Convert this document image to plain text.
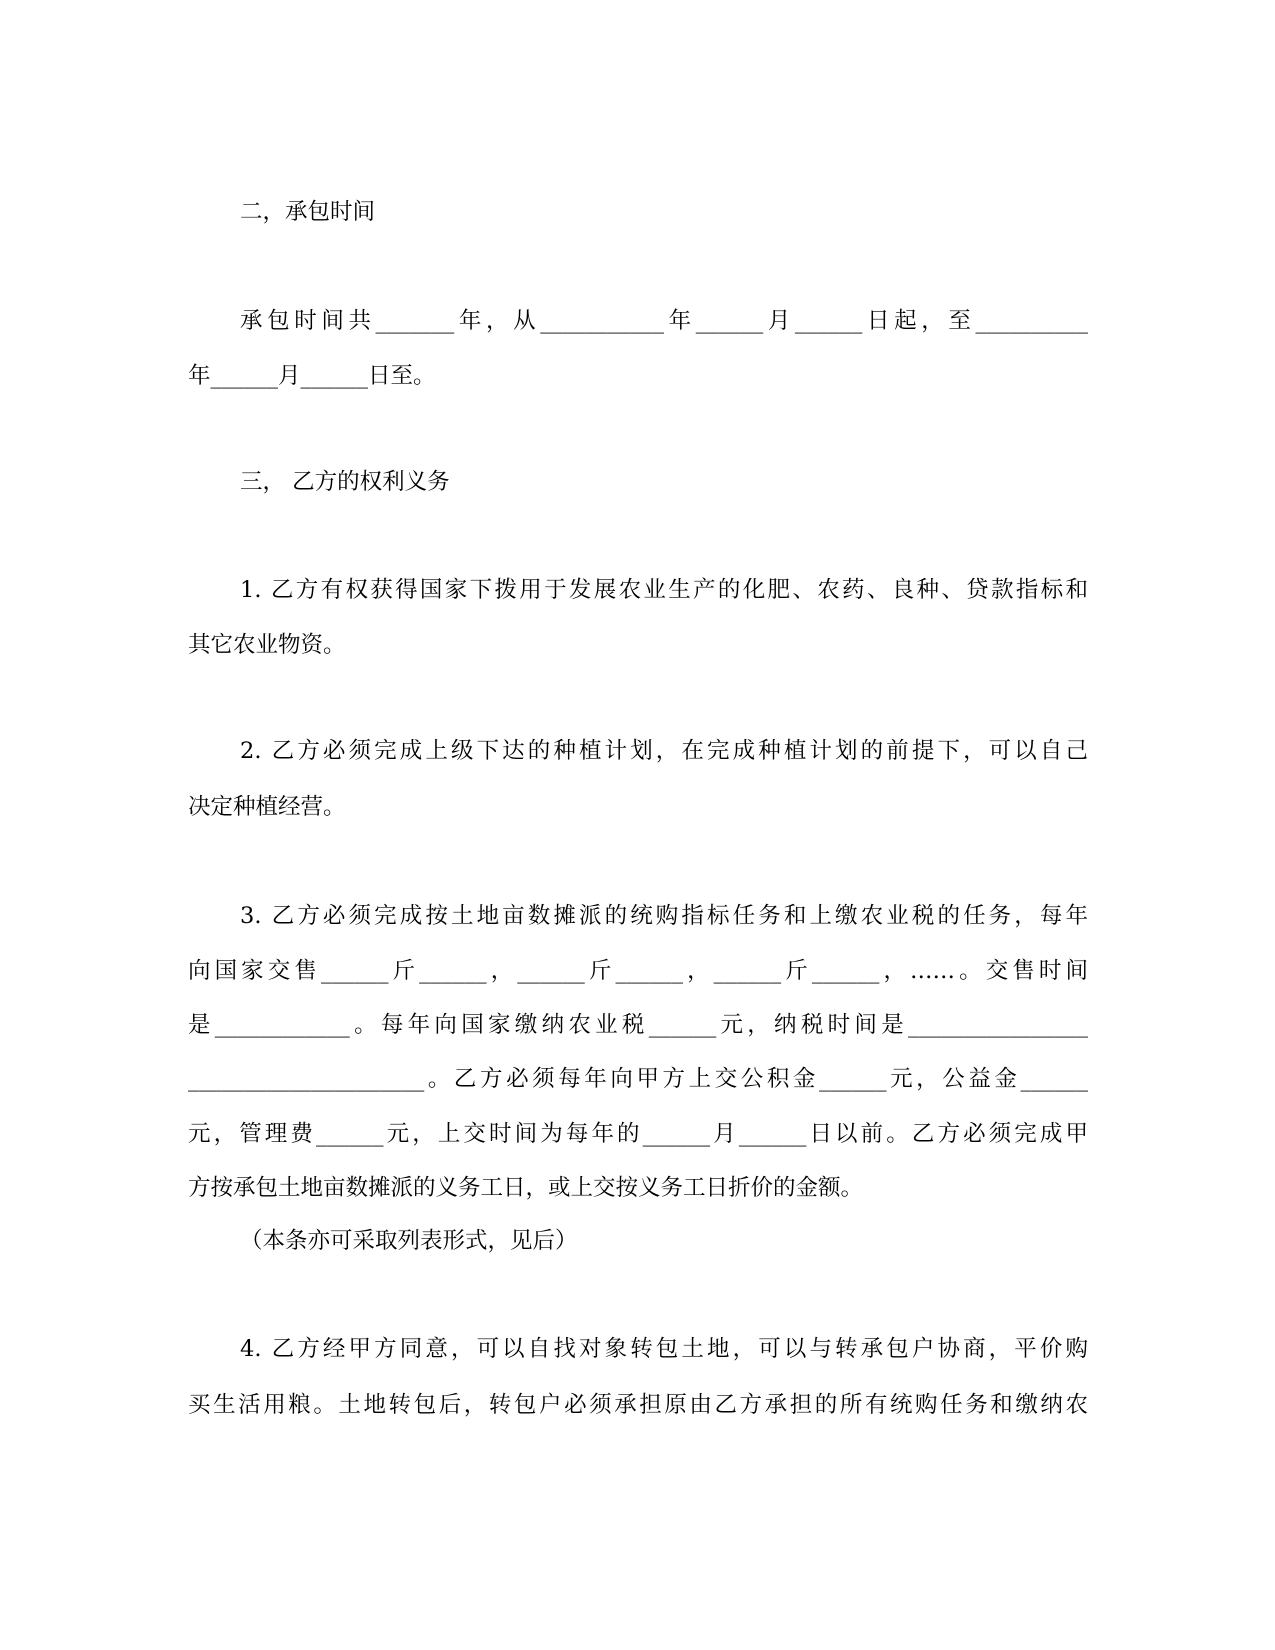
二，承包时间
承包时间共_______年，从___________年______月______日起，至__________
年______月______日至。
三， 乙方的权利义务
1. 乙方有权获得国家下拨用于发展农业生产的化肥、农药、良种、贷款指标和
其它农业物资。
2. 乙方必须完成上级下达的种植计划，在完成种植计划的前提下，可以自己
决定种植经营。
3. 乙方必须完成按土地亩数摊派的统购指标任务和上缴农业税的任务，每年
向国家交售______斤______，______斤______，______斤______，……。交售时间
是____________。每年向国家缴纳农业税______元，纳税时间是________________
_____________________。乙方必须每年向甲方上交公积金______元，公益金______
元，管理费______元，上交时间为每年的______月______日以前。乙方必须完成甲
方按承包土地亩数摊派的义务工日，或上交按义务工日折价的金额。
（本条亦可采取列表形式，见后）
4. 乙方经甲方同意，可以自找对象转包土地，可以与转承包户协商，平价购
买生活用粮。土地转包后，转包户必须承担原由乙方承担的所有统购任务和缴纳农
